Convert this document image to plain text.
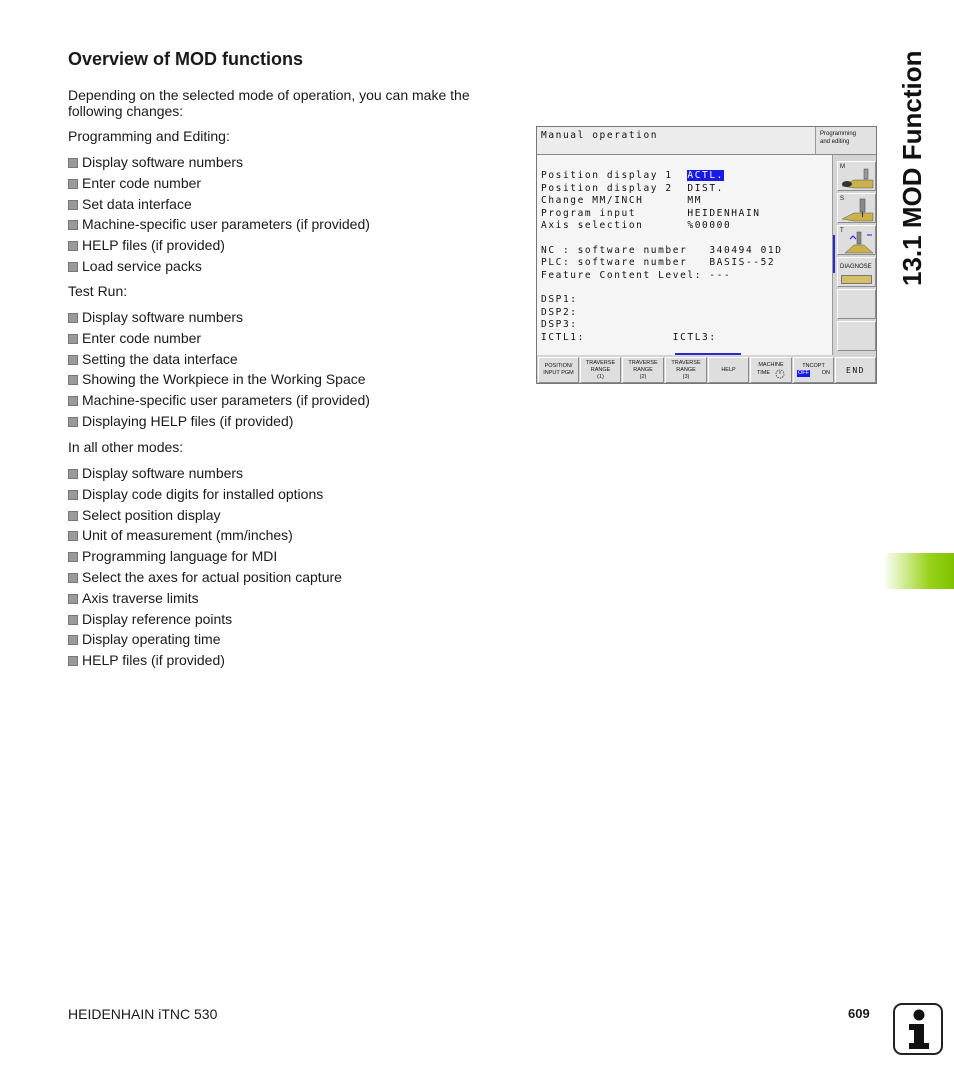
Overview of MOD functions

Depending on the selected mode of operation, you can make the following changes:

Programming and Editing:

Display software numbers
Enter code number
Set data interface
Machine-specific user parameters (if provided)
HELP files (if provided)
Load service packs

Test Run:

Display software numbers
Enter code number
Setting the data interface
Showing the Workpiece in the Working Space
Machine-specific user parameters (if provided)
Displaying HELP files (if provided)

In all other modes:

Display software numbers
Display code digits for installed options
Select position display
Unit of measurement (mm/inches)
Programming language for MDI
Select the axes for actual position capture
Axis traverse limits
Display reference points
Display operating time
HELP files (if provided)
Manual operation	Programming
and editing
Position display 1  ACTL.
Position display 2  DIST.
Change MM/INCH      MM
Program input       HEIDENHAIN
Axis selection      %00000
NC : software number   340494 01D
PLC: software number   BASIS--52
Feature Content Level: ---
DSP1:
DSP2:
DSP3:
ICTL1:            ICTL3:
M
S
T
DIAGNOSE
POSITION/
INPUT PGM
TRAVERSE
RANGE
(1)
TRAVERSE
RANGE
(2)
TRAVERSE
RANGE
(3)
HELP
MACHINE
TIME
TNCOPT
OFF ON	END
13.1 MOD Function
HEIDENHAIN iTNC 530	609
